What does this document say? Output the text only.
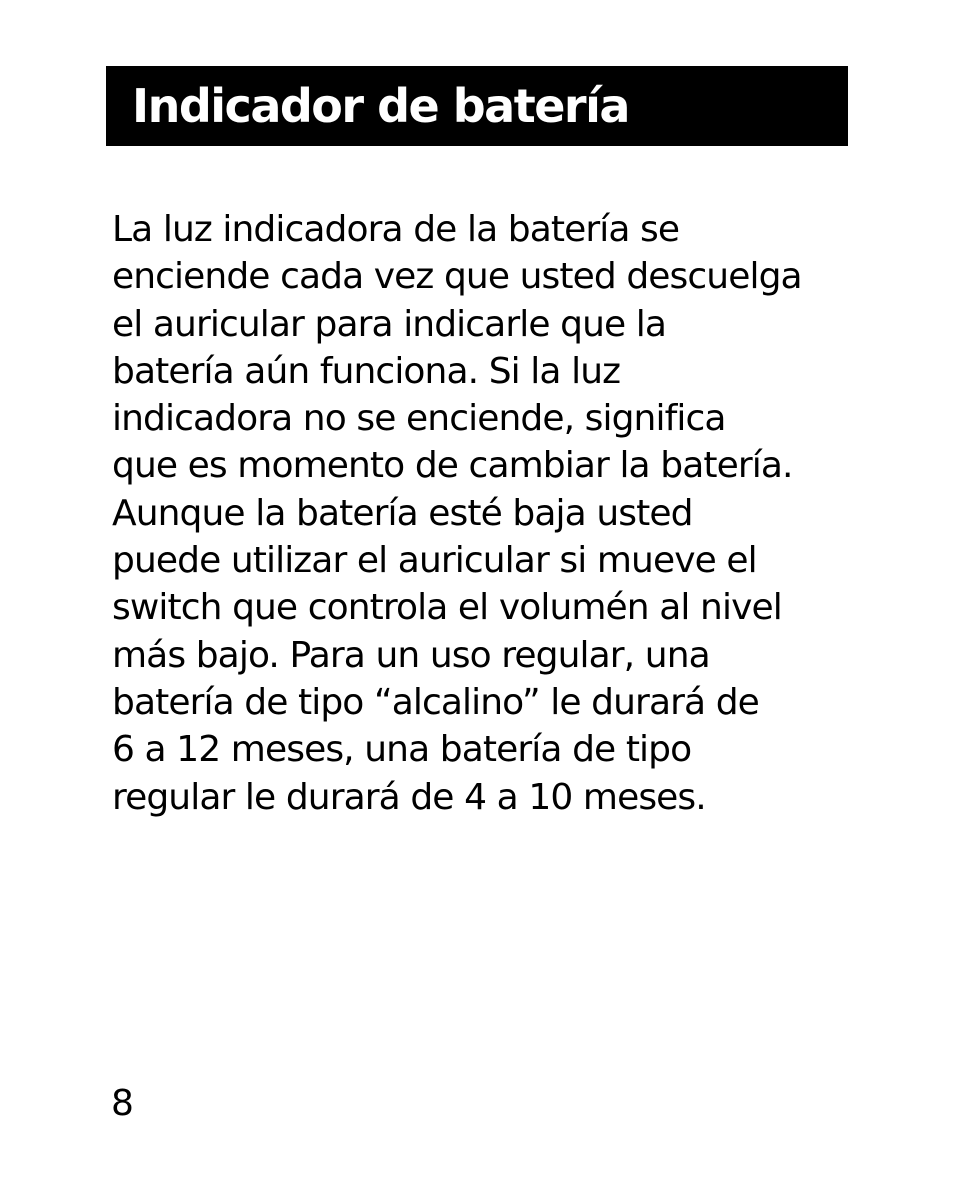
Indicador de batería
La luz indicadora de la batería se
enciende cada vez que usted descuelga
el auricular para indicarle que la
batería aún funciona. Si la luz
indicadora no se enciende, significa
que es momento de cambiar la batería.
Aunque la batería esté baja usted
puede utilizar el auricular si mueve el
switch que controla el volumén al nivel
más bajo. Para un uso regular, una
batería de tipo “alcalino” le durará de
6 a 12 meses, una batería de tipo
regular le durará de 4 a 10 meses.
8
